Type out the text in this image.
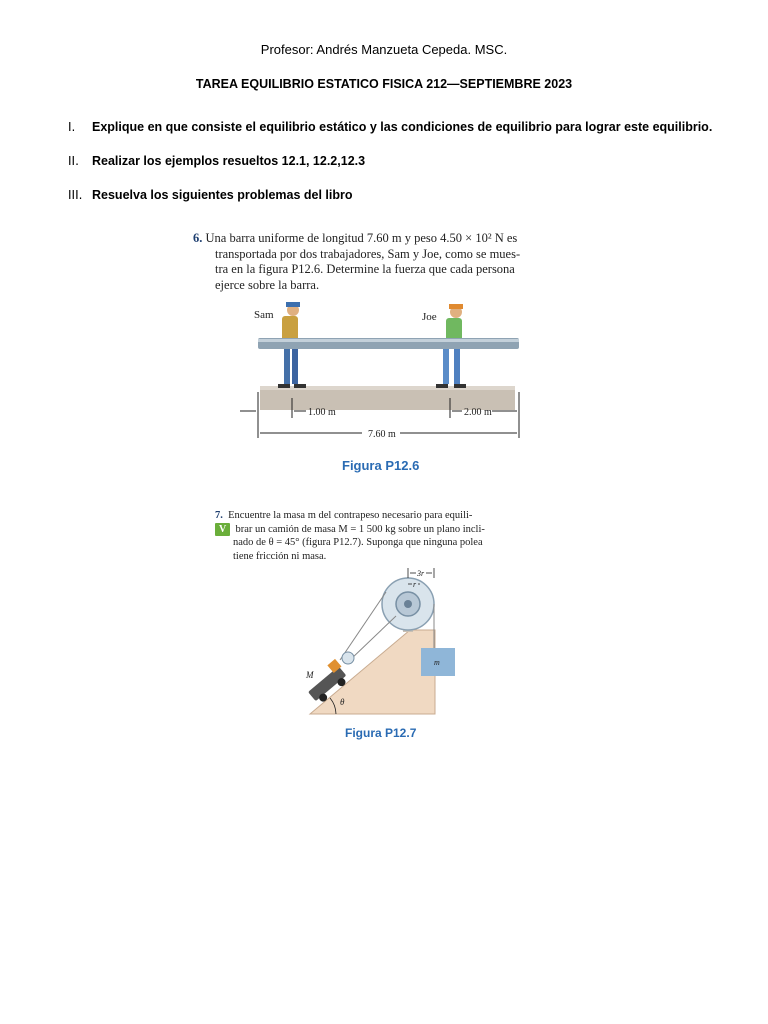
Profesor: Andrés Manzueta Cepeda. MSC.
TAREA EQUILIBRIO ESTATICO FISICA 212—SEPTIEMBRE 2023
I. Explique en que consiste el equilibrio estático y las condiciones de equilibrio para lograr este equilibrio.
II. Realizar los ejemplos resueltos 12.1, 12.2,12.3
III. Resuelva los siguientes problemas del libro
6. Una barra uniforme de longitud 7.60 m y peso 4.50 × 10² N es
transportada por dos trabajadores, Sam y Joe, como se mues-
tra en la figura P12.6. Determine la fuerza que cada persona
ejerce sobre la barra.
Sam	Joe
1.00 m	2.00 m
7.60 m
Figura P12.6
7. Encuentre la masa m del contrapeso necesario para equili-
V brar un camión de masa M = 1 500 kg sobre un plano incli-
nado de θ = 45° (figura P12.7). Suponga que ninguna polea
tiene fricción ni masa.
m
3r
r
M
θ
Figura P12.7
